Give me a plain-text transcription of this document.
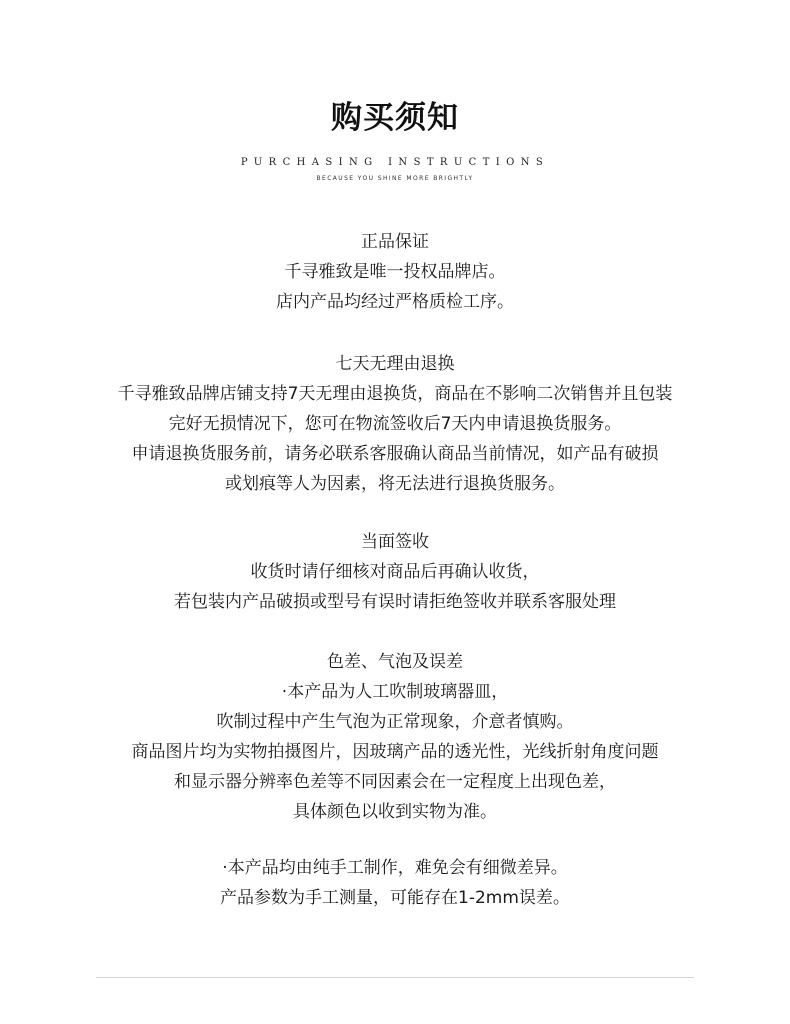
购买须知
PURCHASING INSTRUCTIONS
BECAUSE YOU SHINE MORE BRIGHTLY
正品保证
千寻雅致是唯一投权品牌店。
店内产品均经过严格质检工序。
七天无理由退换
千寻雅致品牌店铺支持7天无理由退换货，商品在不影响二次销售并且包装
完好无损情况下，您可在物流签收后7天内申请退换货服务。
申请退换货服务前，请务必联系客服确认商品当前情况，如产品有破损
或划痕等人为因素，将无法进行退换货服务。
当面签收
收货时请仔细核对商品后再确认收货，
若包装内产品破损或型号有误时请拒绝签收并联系客服处理
色差、气泡及误差
·本产品为人工吹制玻璃器皿，
吹制过程中产生气泡为正常现象，介意者慎购。
商品图片均为实物拍摄图片，因玻璃产品的透光性，光线折射角度问题
和显示器分辨率色差等不同因素会在一定程度上出现色差，
具体颜色以收到实物为准。
·本产品均由纯手工制作，难免会有细微差异。
产品参数为手工测量，可能存在1-2mm误差。
